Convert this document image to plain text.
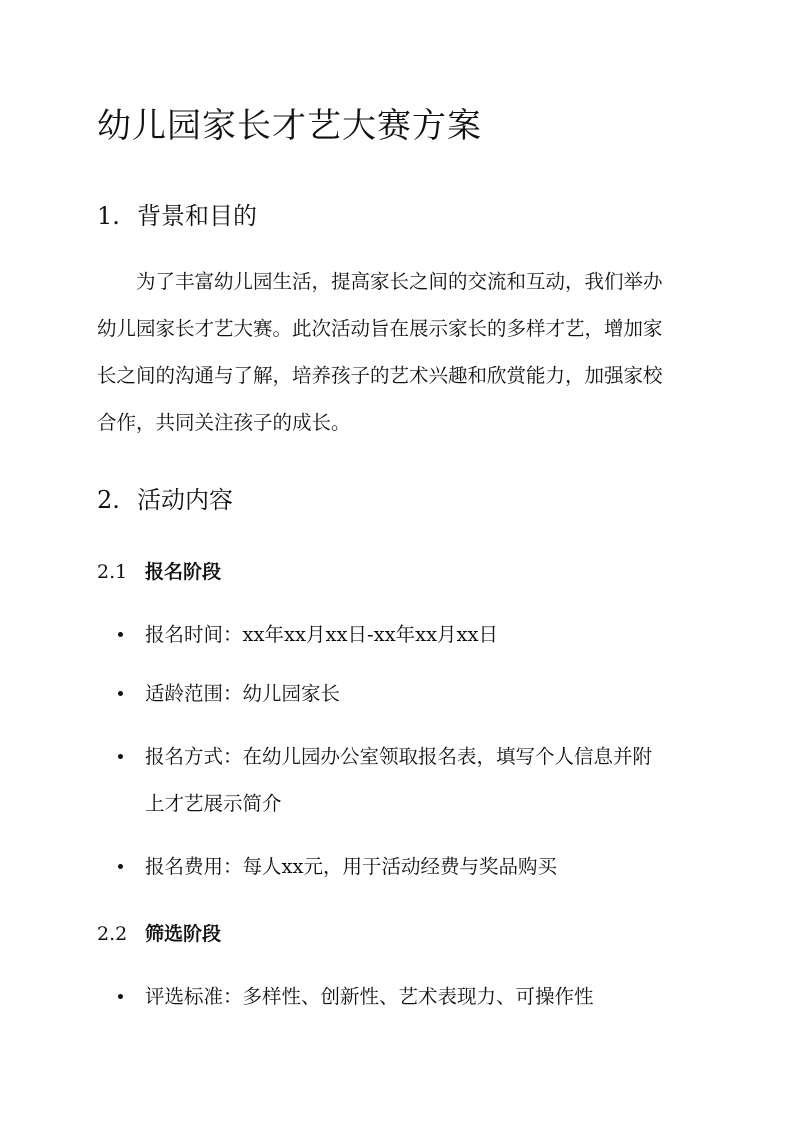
幼儿园家长才艺大赛方案
1. 背景和目的

为了丰富幼儿园生活，提高家长之间的交流和互动，我们举办

幼儿园家长才艺大赛。此次活动旨在展示家长的多样才艺，增加家

长之间的沟通与了解，培养孩子的艺术兴趣和欣赏能力，加强家校

合作，共同关注孩子的成长。

2. 活动内容
2.1 报名阶段
报名时间：xx年xx月xx日-xx年xx月xx日
适龄范围：幼儿园家长
报名方式：在幼儿园办公室领取报名表，填写个人信息并附
上才艺展示简介
报名费用：每人xx元，用于活动经费与奖品购买
2.2 筛选阶段
评选标准：多样性、创新性、艺术表现力、可操作性
